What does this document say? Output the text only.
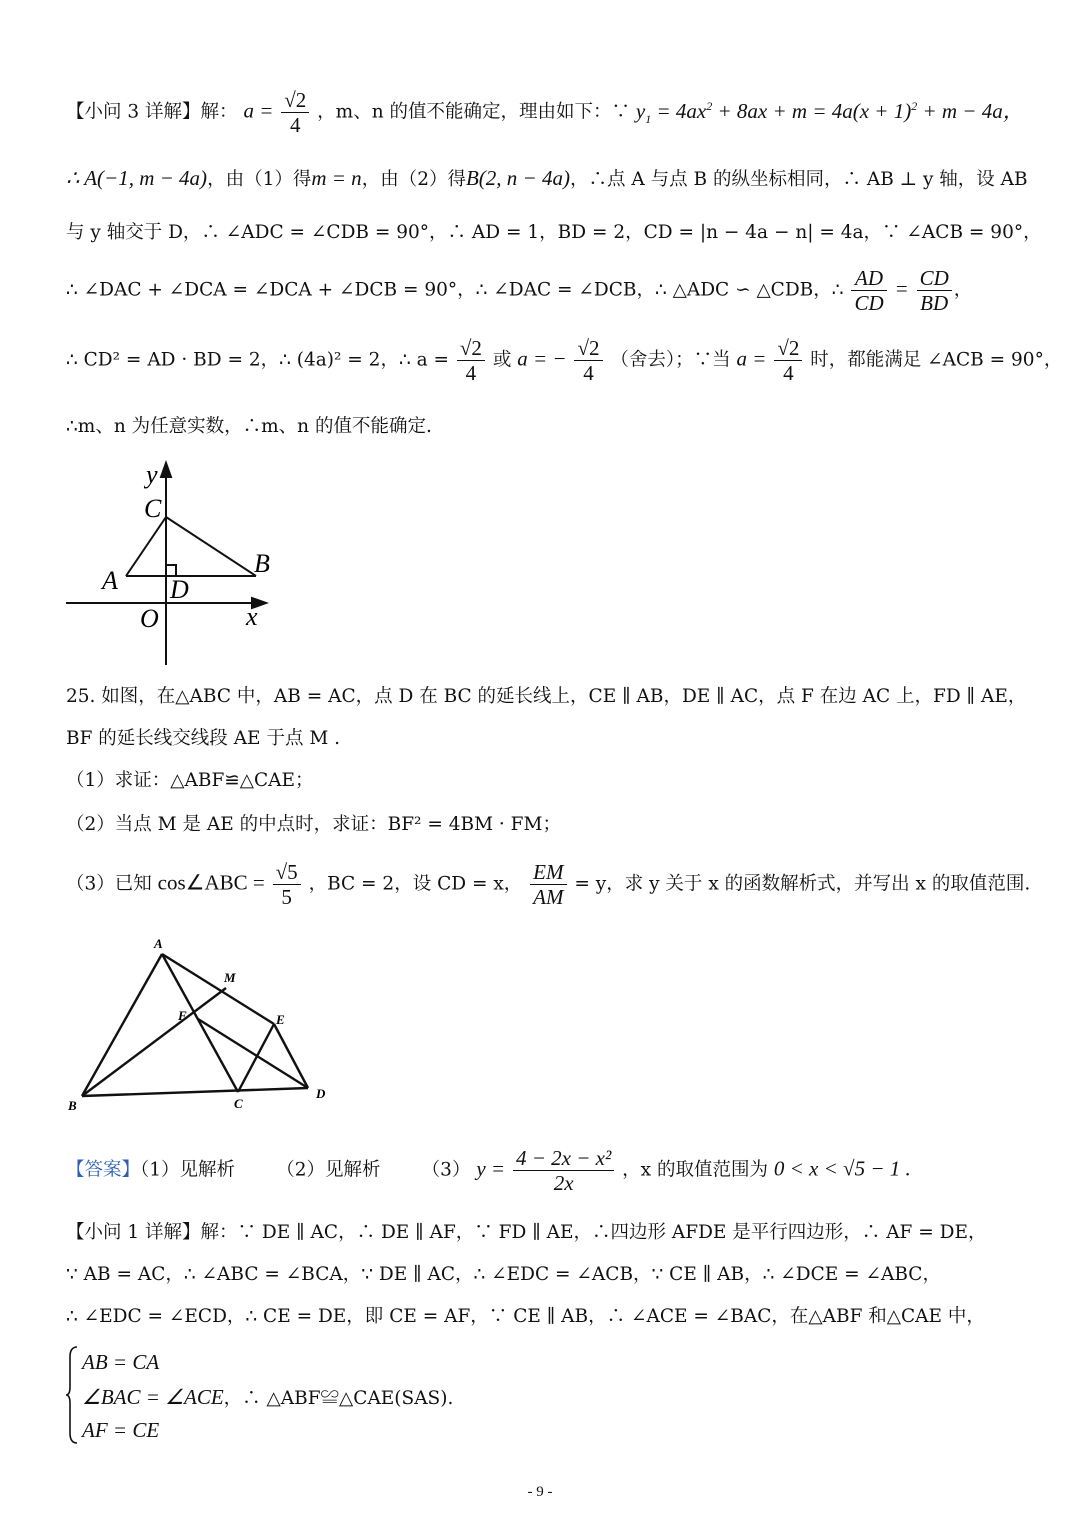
【小问 3 详解】解： $a = \frac{√2}{4}$ ，m、n 的值不能确定，理由如下：∵ $y_1 = 4ax^2 + 8ax + m = 4a(x + 1)^2 + m - 4a$，
∴ A(−1, m − 4a)，由（1）得m = n，由（2）得B(2, n − 4a)，∴点 A 与点 B 的纵坐标相同，∴ AB ⊥ y 轴，设 AB
与 y 轴交于 D，∴ ∠ADC = ∠CDB = 90°，∴ AD = 1，BD = 2，CD = |n − 4a − n| = 4a，∵ ∠ACB = 90°，
∴ ∠DAC + ∠DCA = ∠DCA + ∠DCB = 90°，∴ ∠DAC = ∠DCB，∴ △ADC ∽ △CDB，∴ $\frac{AD}{CD} = \frac{CD}{BD}$ ，
∴ CD² = AD · BD = 2，∴ (4a)² = 2，∴ $a = \frac{√2}{4}$ 或 a = − $\frac{√2}{4}$ （舍去）；∵当 $a = \frac{√2}{4}$ 时，都能满足 ∠ACB = 90°，
∴m、n 为任意实数，∴m、n 的值不能确定.
y
C
A
B
D
O	x
25. 如图，在△ABC 中，AB = AC，点 D 在 BC 的延长线上，CE ∥ AB，DE ∥ AC，点 F 在边 AC 上，FD ∥ AE，
BF 的延长线交线段 AE 于点 M .
（1）求证：△ABF≌△CAE；
（2）当点 M 是 AE 的中点时，求证：BF² = 4BM · FM；
（3）已知 cos∠ABC = $\frac{√5}{5}$ ，BC = 2，设 CD = x， $\frac{EM}{AM} = y$，求 y 关于 x 的函数解析式，并写出 x 的取值范围.
A
M
F	E
B	C
D
【答案】（1）见解析 （2）见解析 （3） $y = \frac{\text{4 − 2x − x²}}{2x}$ ，x 的取值范围为 0 < x < √5 − 1 .
【小问 1 详解】解：∵ DE ∥ AC，∴ DE ∥ AF，∵ FD ∥ AE，∴四边形 AFDE 是平行四边形，∴ AF = DE，
∵ AB = AC，∴ ∠ABC = ∠BCA，∵ DE ∥ AC，∴ ∠EDC = ∠ACB，∵ CE ∥ AB，∴ ∠DCE = ∠ABC，
∴ ∠EDC = ∠ECD，∴ CE = DE，即 CE = AF，∵ CE ∥ AB，∴ ∠ACE = ∠BAC，在△ABF 和△CAE 中，
AB = CA
∠BAC = ∠ACE，∴ △ABF≌△CAE(SAS).
AF = CE
- 9 -
